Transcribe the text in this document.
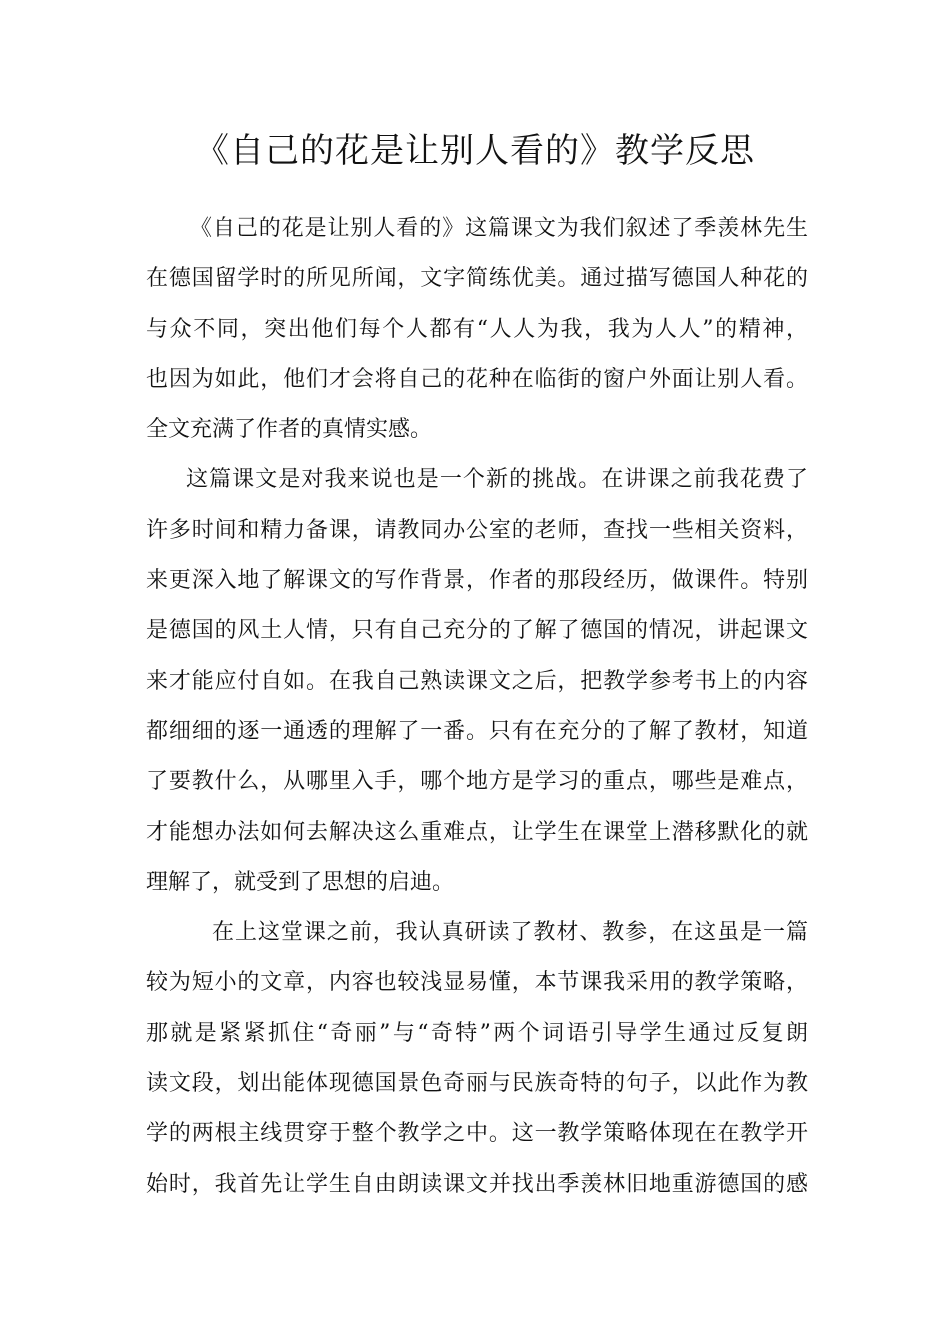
《自己的花是让别人看的》教学反思
《自己的花是让别人看的》这篇课文为我们叙述了季羡林先生
在德国留学时的所见所闻，文字简练优美。通过描写德国人种花的
与众不同，突出他们每个人都有“人人为我，我为人人”的精神，
也因为如此，他们才会将自己的花种在临街的窗户外面让别人看。
全文充满了作者的真情实感。
这篇课文是对我来说也是一个新的挑战。在讲课之前我花费了
许多时间和精力备课，请教同办公室的老师，查找一些相关资料，
来更深入地了解课文的写作背景，作者的那段经历，做课件。特别
是德国的风土人情，只有自己充分的了解了德国的情况，讲起课文
来才能应付自如。在我自己熟读课文之后，把教学参考书上的内容
都细细的逐一通透的理解了一番。只有在充分的了解了教材，知道
了要教什么，从哪里入手，哪个地方是学习的重点，哪些是难点，
才能想办法如何去解决这么重难点，让学生在课堂上潜移默化的就
理解了，就受到了思想的启迪。
在上这堂课之前，我认真研读了教材、教参，在这虽是一篇
较为短小的文章，内容也较浅显易懂，本节课我采用的教学策略，
那就是紧紧抓住“奇丽”与“奇特”两个词语引导学生通过反复朗
读文段，划出能体现德国景色奇丽与民族奇特的句子，以此作为教
学的两根主线贯穿于整个教学之中。这一教学策略体现在在教学开
始时，我首先让学生自由朗读课文并找出季羡林旧地重游德国的感
